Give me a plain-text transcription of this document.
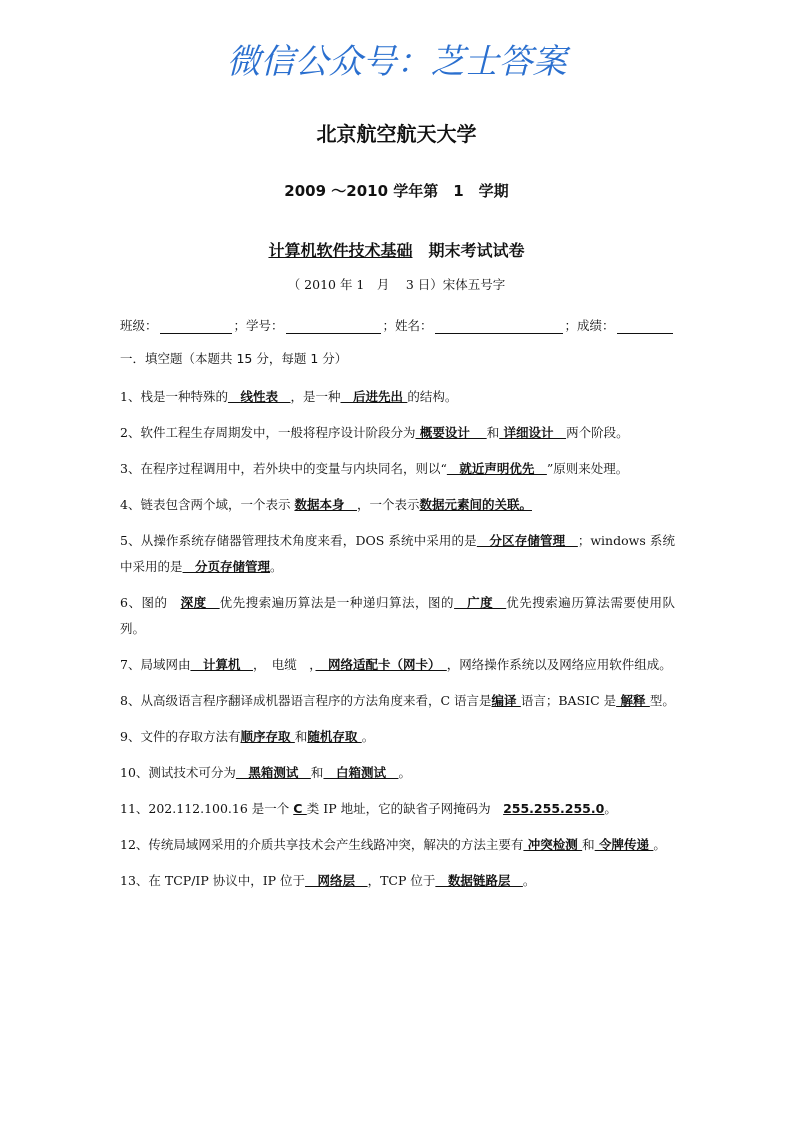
微信公众号：芝士答案
北京航空航天大学
2009 ～2010 学年第　1　学期
计算机软件技术基础　 期末考试试卷
（ 2010 年 1　月　 3 日）宋体五号字
班级：	；学号：	；姓名：	；成绩：
一．填空题（本题共 15 分，每题 1 分）
1、栈是一种特殊的　线性表　，是一种　后进先出 的结构。
2、软件工程生存周期发中，一般将程序设计阶段分为 概要设计　 和 详细设计　两个阶段。
3、在程序过程调用中，若外块中的变量与内块同名，则以“　就近声明优先　”原则来处理。
4、链表包含两个域，一个表示 数据本身　，一个表示数据元素间的关联。
5、从操作系统存储器管理技术角度来看，DOS 系统中采用的是　分区存储管理　；windows 系统中采用的是　分页存储管理。
6、图的　深度　优先搜索遍历算法是一种递归算法，图的　广度　优先搜索遍历算法需要使用队列。
7、局域网由　计算机　，　电缆　，　网络适配卡（网卡）　，网络操作系统以及网络应用软件组成。
8、从高级语言程序翻译成机器语言程序的方法角度来看，C 语言是编译 语言；BASIC 是 解释 型。
9、文件的存取方法有顺序存取 和随机存取 。
10、测试技术可分为　黑箱测试　和　白箱测试　。
11、202.112.100.16 是一个 C 类 IP 地址，它的缺省子网掩码为　255.255.255.0。
12、传统局域网采用的介质共享技术会产生线路冲突，解决的方法主要有 冲突检测 和 令牌传递 。
13、在 TCP/IP 协议中，IP 位于　网络层　，TCP 位于　数据链路层　。
